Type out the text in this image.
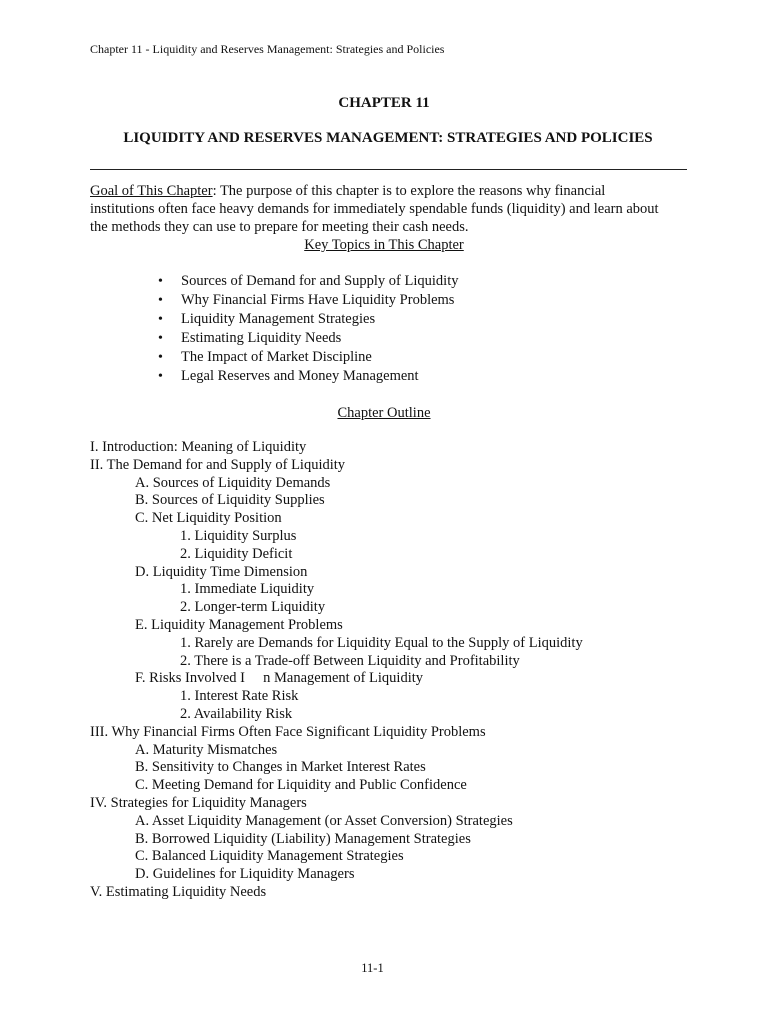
Chapter 11 - Liquidity and Reserves Management: Strategies and Policies
CHAPTER 11
LIQUIDITY AND RESERVES MANAGEMENT: STRATEGIES AND POLICIES
Goal of This Chapter: The purpose of this chapter is to explore the reasons why financial institutions often face heavy demands for immediately spendable funds (liquidity) and learn about the methods they can use to prepare for meeting their cash needs.
Key Topics in This Chapter
•	Sources of Demand for and Supply of Liquidity
•	Why Financial Firms Have Liquidity Problems
•	Liquidity Management Strategies
•	Estimating Liquidity Needs
•	The Impact of Market Discipline
•	Legal Reserves and Money Management
Chapter Outline
I. Introduction: Meaning of Liquidity
II. The Demand for and Supply of Liquidity
A. Sources of Liquidity Demands
B. Sources of Liquidity Supplies
C. Net Liquidity Position
1. Liquidity Surplus
2. Liquidity Deficit
D. Liquidity Time Dimension
1. Immediate Liquidity
2. Longer-term Liquidity
E. Liquidity Management Problems
1. Rarely are Demands for Liquidity Equal to the Supply of Liquidity
2. There is a Trade-off Between Liquidity and Profitability
F. Risks Involved I     n Management of Liquidity
1. Interest Rate Risk
2. Availability Risk
III. Why Financial Firms Often Face Significant Liquidity Problems
A. Maturity Mismatches
B. Sensitivity to Changes in Market Interest Rates
C. Meeting Demand for Liquidity and Public Confidence
IV. Strategies for Liquidity Managers
A. Asset Liquidity Management (or Asset Conversion) Strategies
B. Borrowed Liquidity (Liability) Management Strategies
C. Balanced Liquidity Management Strategies
D. Guidelines for Liquidity Managers
V. Estimating Liquidity Needs
11-1
